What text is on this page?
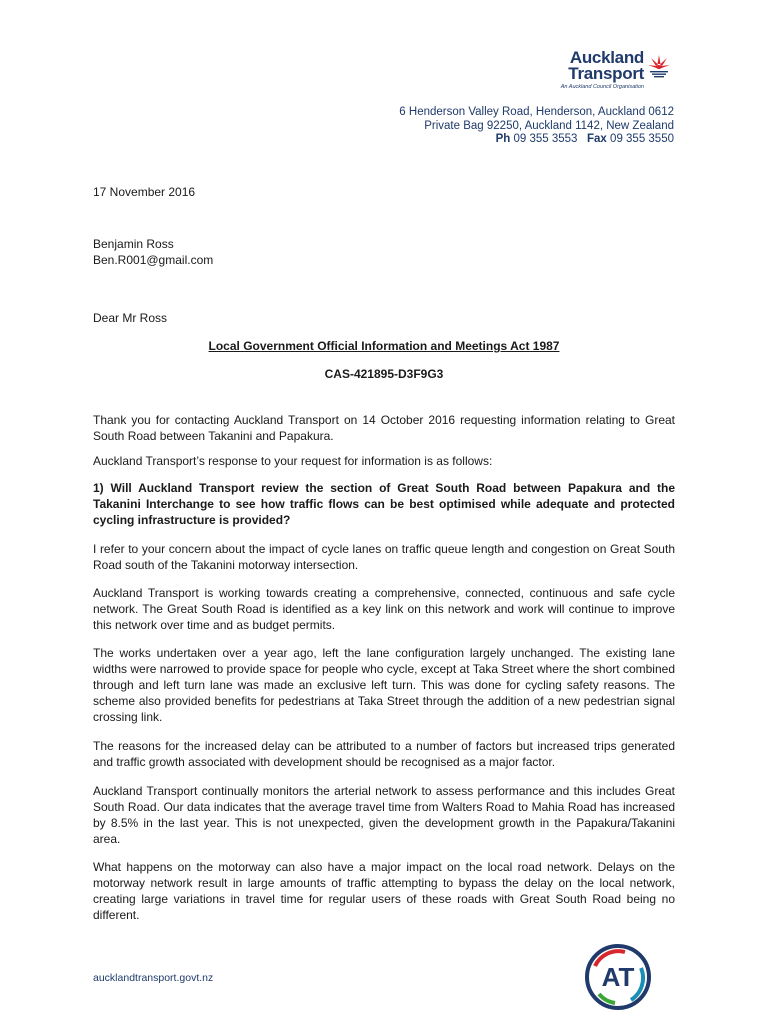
Auckland
Transport
An Auckland Council Organisation
6 Henderson Valley Road, Henderson, Auckland 0612
Private Bag 92250, Auckland 1142, New Zealand
Ph 09 355 3553 Fax 09 355 3550
17 November 2016
Benjamin Ross
Ben.R001@gmail.com
Dear Mr Ross
Local Government Official Information and Meetings Act 1987
CAS-421895-D3F9G3
Thank you for contacting Auckland Transport on 14 October 2016 requesting information relating to Great South Road between Takanini and Papakura.
Auckland Transport’s response to your request for information is as follows:
1) Will Auckland Transport review the section of Great South Road between Papakura and the Takanini Interchange to see how traffic flows can be best optimised while adequate and protected cycling infrastructure is provided?
I refer to your concern about the impact of cycle lanes on traffic queue length and congestion on Great South Road south of the Takanini motorway intersection.
Auckland Transport is working towards creating a comprehensive, connected, continuous and safe cycle network. The Great South Road is identified as a key link on this network and work will continue to improve this network over time and as budget permits.
The works undertaken over a year ago, left the lane configuration largely unchanged. The existing lane widths were narrowed to provide space for people who cycle, except at Taka Street where the short combined through and left turn lane was made an exclusive left turn. This was done for cycling safety reasons. The scheme also provided benefits for pedestrians at Taka Street through the addition of a new pedestrian signal crossing link.
The reasons for the increased delay can be attributed to a number of factors but increased trips generated and traffic growth associated with development should be recognised as a major factor.
Auckland Transport continually monitors the arterial network to assess performance and this includes Great South Road. Our data indicates that the average travel time from Walters Road to Mahia Road has increased by 8.5% in the last year. This is not unexpected, given the development growth in the Papakura/Takanini area.
What happens on the motorway can also have a major impact on the local road network. Delays on the motorway network result in large amounts of traffic attempting to bypass the delay on the local network, creating large variations in travel time for regular users of these roads with Great South Road being no different.
aucklandtransport.govt.nz	AT
